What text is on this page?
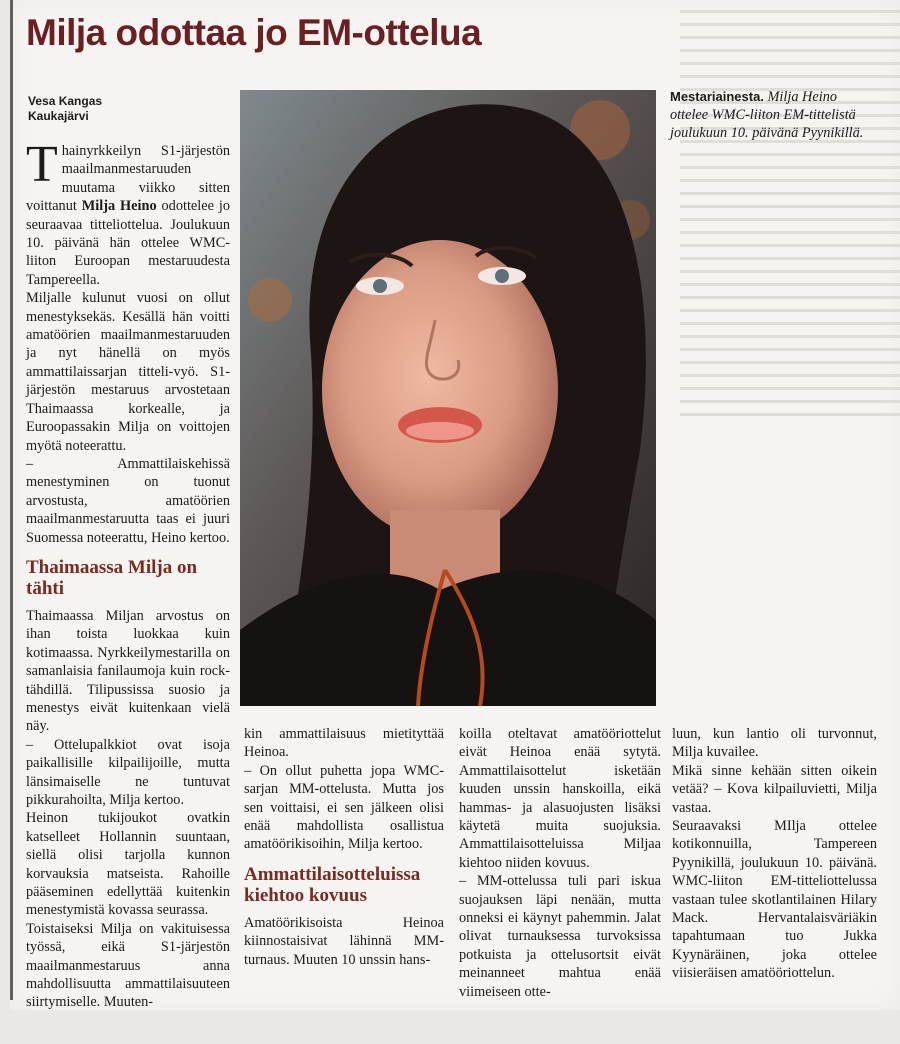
Milja odottaa jo EM-ottelua
Vesa Kangas
Kaukajärvi
Mestariainesta. Milja Heino ottelee WMC-liiton EM-tittelistä joulukuun 10. päivänä Pyynikillä.

Thainyrkkeilyn S1-järjestön maailmanmestaruuden muutama viikko sitten voittanut Milja Heino odottelee jo seuraavaa titteliottelua. Joulukuun 10. päivänä hän ottelee WMC-liiton Euroopan mestaruudesta Tampereella.

Miljalle kulunut vuosi on ollut menestyksekäs. Kesällä hän voitti amatöörien maailmanmestaruuden ja nyt hänellä on myös ammattilaissarjan titteli-vyö. S1-järjestön mestaruus arvostetaan Thaimaassa korkealle, ja Euroopassakin Milja on voittojen myötä noteerattu.

– Ammattilaiskehissä menestyminen on tuonut arvostusta, amatöörien maailmanmestaruutta taas ei juuri Suomessa noteerattu, Heino kertoo.

Thaimaassa Milja on tähti

Thaimaassa Miljan arvostus on ihan toista luokkaa kuin kotimaassa. Nyrkkeilymestarilla on samanlaisia fanilaumoja kuin rock-tähdillä. Tilipussissa suosio ja menestys eivät kuitenkaan vielä näy.

– Ottelupalkkiot ovat isoja paikallisille kilpailijoille, mutta länsimaiselle ne tuntuvat pikkurahoilta, Milja kertoo.

Heinon tukijoukot ovatkin katselleet Hollannin suuntaan, siellä olisi tarjolla kunnon korvauksia matseista. Rahoille pääseminen edellyttää kuitenkin menestymistä kovassa seurassa.

Toistaiseksi Milja on vakituisessa työssä, eikä S1-järjestön maailmanmestaruus anna mahdollisuutta ammattilaisuuteen siirtymiselle. Muuten-

kin ammattilaisuus mietityttää Heinoa.

– On ollut puhetta jopa WMC-sarjan MM-ottelusta. Mutta jos sen voittaisi, ei sen jälkeen olisi enää mahdollista osallistua amatöörikisoihin, Milja kertoo.

Ammattilaisotteluissa kiehtoo kovuus

Amatöörikisoista Heinoa kiinnostaisivat lähinnä MM-turnaus. Muuten 10 unssin hans-

koilla oteltavat amatööriottelut eivät Heinoa enää sytytä. Ammattilaisottelut isketään kuuden unssin hanskoilla, eikä hammas- ja alasuojusten lisäksi käytetä muita suojuksia. Ammattilaisotteluissa Miljaa kiehtoo niiden kovuus.

– MM-ottelussa tuli pari iskua suojauksen läpi nenään, mutta onneksi ei käynyt pahemmin. Jalat olivat turnauksessa turvoksissa potkuista ja ottelusortsit eivät meinanneet mahtua enää viimeiseen otte-

luun, kun lantio oli turvonnut, Milja kuvailee.

Mikä sinne kehään sitten oikein vetää? – Kova kilpailuvietti, Milja vastaa.

Seuraavaksi MIlja ottelee kotikonnuilla, Tampereen Pyynikillä, joulukuun 10. päivänä. WMC-liiton EM-titteliottelussa vastaan tulee skotlantilainen Hilary Mack. Hervantalaisväriäkin tapahtumaan tuo Jukka Kyynäräinen, joka ottelee viisieräisen amatööriottelun.
